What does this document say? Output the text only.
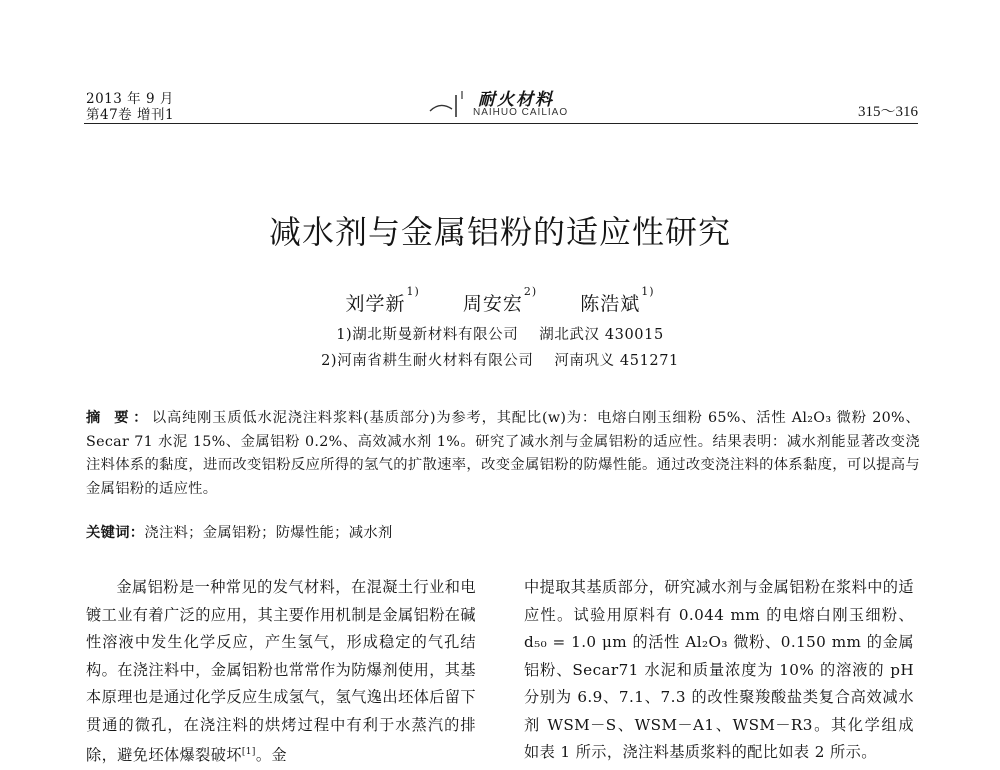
2013 年 9 月
第47卷 增刊1
耐火材料
NAIHUO CAILIAO	315～316
减水剂与金属铝粉的适应性研究
刘学新$^{1)}$ 周安宏$^{2)}$ 陈浩斌$^{1)}$
1)湖北斯曼新材料有限公司    湖北武汉 430015
2)河南省耕生耐火材料有限公司    河南巩义 451271
摘 要：以高纯刚玉质低水泥浇注料浆料(基质部分)为参考，其配比(w)为：电熔白刚玉细粉 65%、活性 Al₂O₃ 微粉 20%、Secar 71 水泥 15%、金属铝粉 0.2%、高效减水剂 1%。研究了减水剂与金属铝粉的适应性。结果表明：减水剂能显著改变浇注料体系的黏度，进而改变铝粉反应所得的氢气的扩散速率，改变金属铝粉的防爆性能。通过改变浇注料的体系黏度，可以提高与金属铝粉的适应性。
关键词：浇注料；金属铝粉；防爆性能；减水剂

金属铝粉是一种常见的发气材料，在混凝土行业和电镀工业有着广泛的应用，其主要作用机制是金属铝粉在碱性溶液中发生化学反应，产生氢气，形成稳定的气孔结构。在浇注料中，金属铝粉也常常作为防爆剂使用，其基本原理也是通过化学反应生成氢气，氢气逸出坯体后留下贯通的微孔，在浇注料的烘烤过程中有利于水蒸汽的排除，避免坯体爆裂破坏[1]。金

中提取其基质部分，研究减水剂与金属铝粉在浆料中的适应性。试验用原料有 0.044 mm 的电熔白刚玉细粉、d₅₀ = 1.0 μm 的活性 Al₂O₃ 微粉、0.150 mm 的金属铝粉、Secar71 水泥和质量浓度为 10% 的溶液的 pH 分别为 6.9、7.1、7.3 的改性聚羧酸盐类复合高效减水剂 WSM－S、WSM－A1、WSM－R3。其化学组成如表 1 所示，浇注料基质浆料的配比如表 2 所示。
